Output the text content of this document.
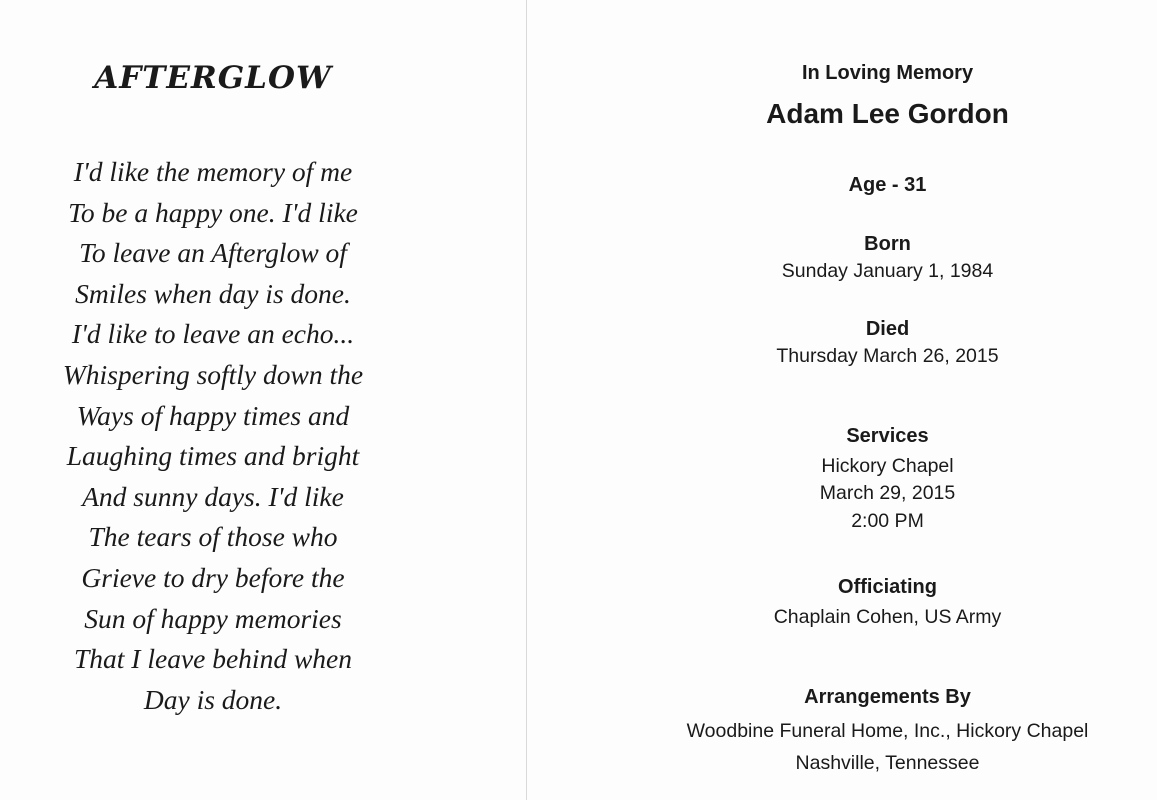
AFTERGLOW
I'd like the memory of me
To be a happy one. I'd like
To leave an Afterglow of
Smiles when day is done.
I'd like to leave an echo...
Whispering softly down the
Ways of happy times and
Laughing times and bright
And sunny days. I'd like
The tears of those who
Grieve to dry before the
Sun of happy memories
That I leave behind when
Day is done.
In Loving Memory
Adam Lee Gordon
Age - 31
Born
Sunday January 1, 1984
Died
Thursday March 26, 2015
Services
Hickory Chapel
March 29, 2015
2:00 PM
Officiating
Chaplain Cohen, US Army
Arrangements By
Woodbine Funeral Home, Inc., Hickory Chapel
Nashville, Tennessee
